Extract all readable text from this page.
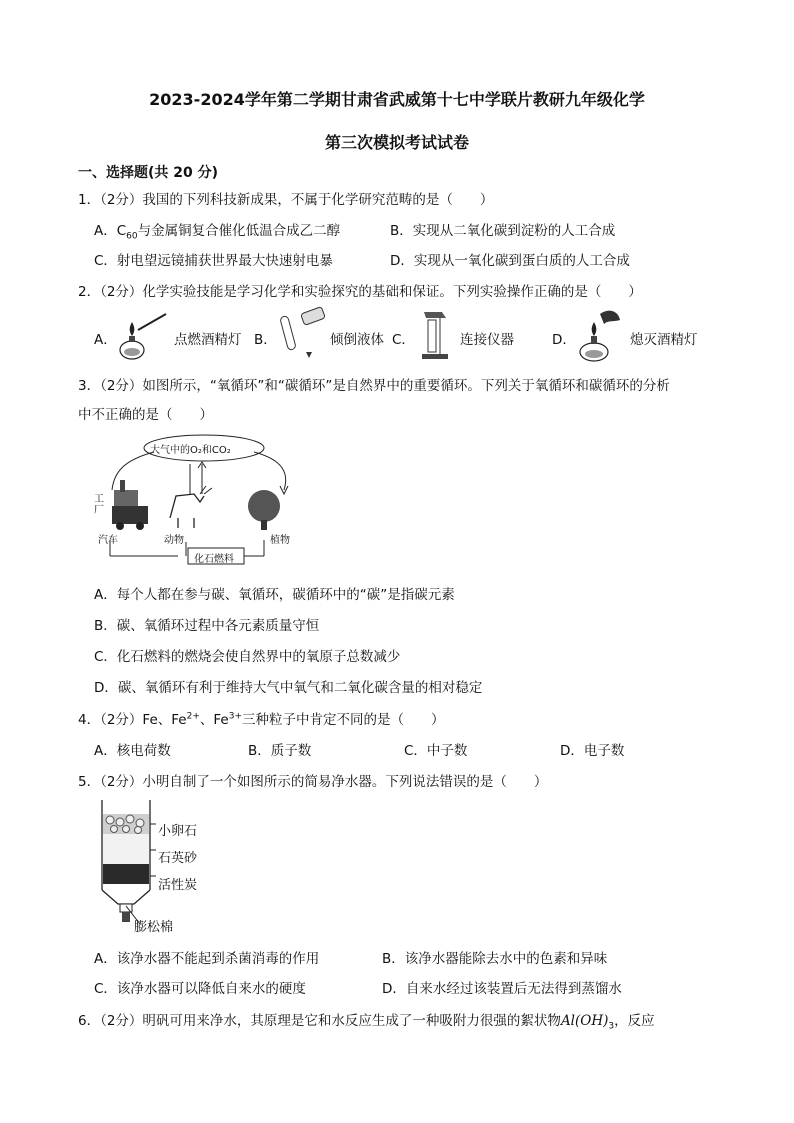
2023-2024学年第二学期甘肃省武威第十七中学联片教研九年级化学
第三次模拟考试试卷
一、选择题(共 20 分)
1．（2分）我国的下列科技新成果，不属于化学研究范畴的是（　　）
A．$C_{60}$与金属铜复合催化低温合成乙二醇	B．实现从二氧化碳到淀粉的人工合成
C．射电望远镜捕获世界最大快速射电暴	D．实现从一氧化碳到蛋白质的人工合成
2．（2分）化学实验技能是学习化学和实验探究的基础和保证。下列实验操作正确的是（　　）
A．	点燃酒精灯 B．	倾倒液体 C．	连接仪器	D．	熄灭酒精灯
3．（2分）如图所示，“氧循环”和“碳循环”是自然界中的重要循环。下列关于氧循环和碳循环的分析
中不正确的是（　　）
大气中的O₂和CO₂
工厂
汽车	动物	植物
化石燃料
A．每个人都在参与碳、氧循环，碳循环中的“碳”是指碳元素
B．碳、氧循环过程中各元素质量守恒
C．化石燃料的燃烧会使自然界中的氧原子总数减少
D．碳、氧循环有利于维持大气中氧气和二氧化碳含量的相对稳定
4．（2分）Fe、$Fe^{2+}$、$Fe^{3+}$三种粒子中肯定不同的是（　　）
A．核电荷数	B．质子数	C．中子数	D．电子数
5．（2分）小明自制了一个如图所示的简易净水器。下列说法错误的是（　　）
小卵石
石英砂
活性炭
膨松棉
A．该净水器不能起到杀菌消毒的作用	B．该净水器能除去水中的色素和异味
C．该净水器可以降低自来水的硬度	D．自来水经过该装置后无法得到蒸馏水
6．（2分）明矾可用来净水，其原理是它和水反应生成了一种吸附力很强的絮状物$Al(OH)_3$，反应
